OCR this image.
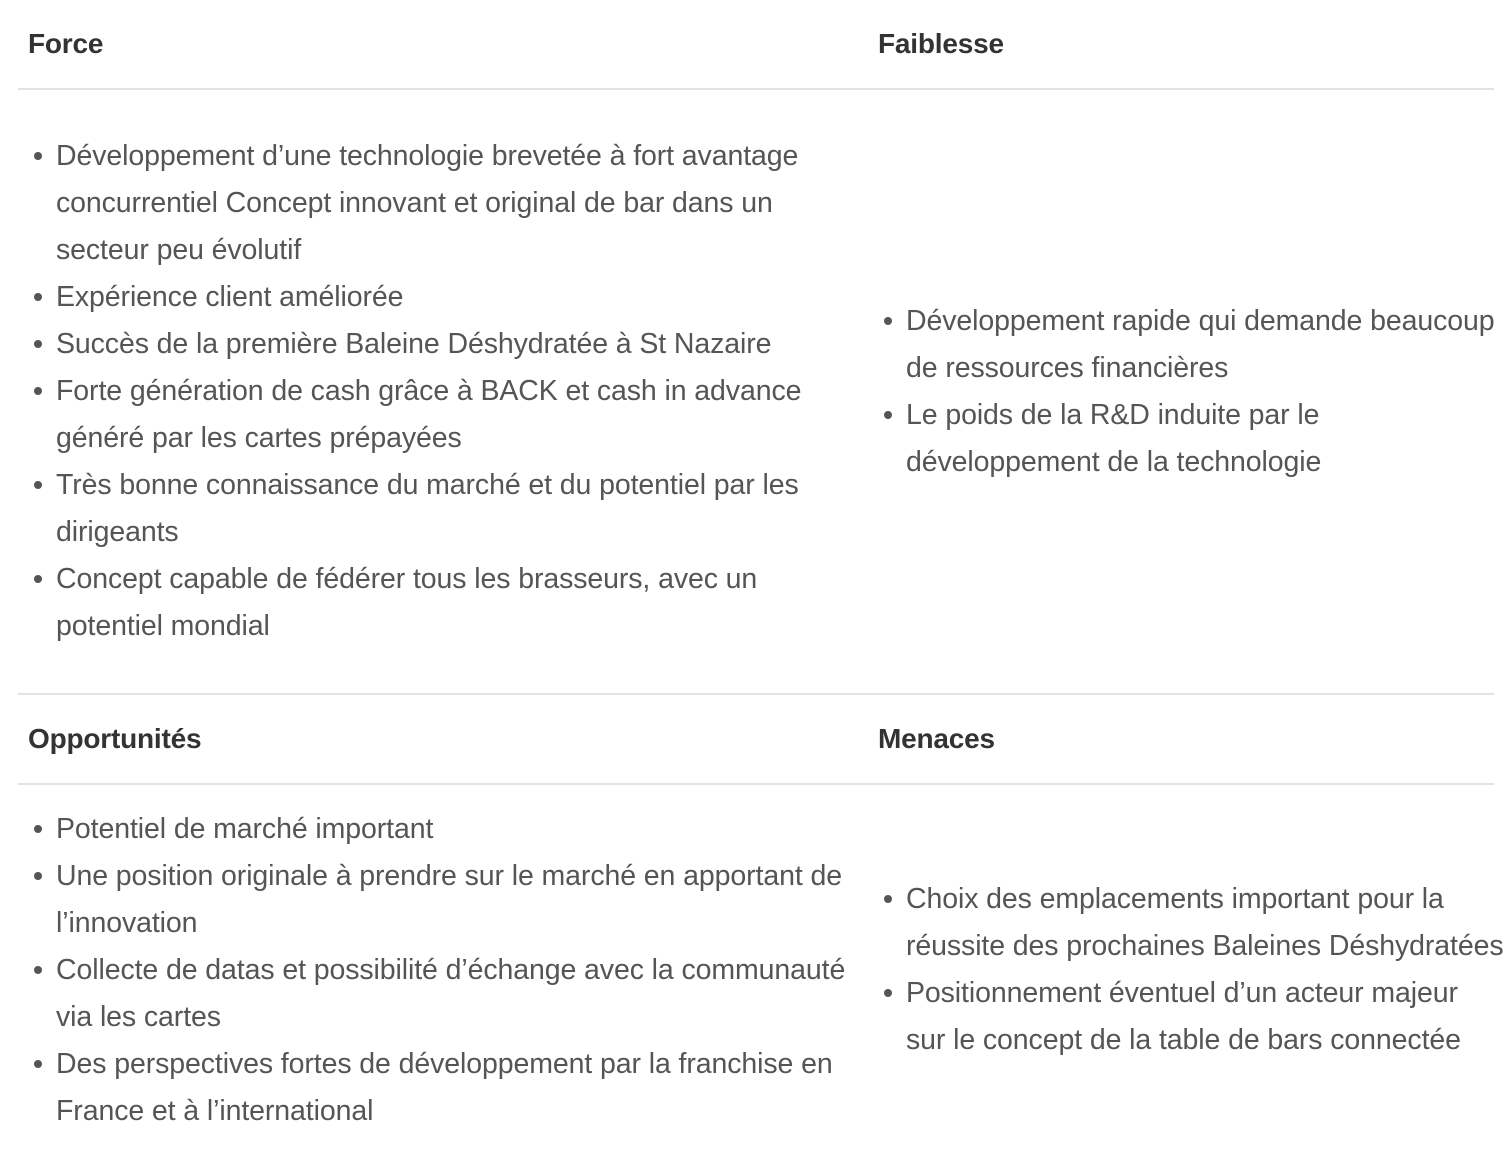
Force	Faiblesse
Développement d’une technologie brevetée à fort avantage concurrentiel Concept innovant et original de bar dans un secteur peu évolutif
Expérience client améliorée
Succès de la première Baleine Déshydratée à St Nazaire
Forte génération de cash grâce à BACK et cash in advance généré par les cartes prépayées
Très bonne connaissance du marché et du potentiel par les dirigeants
Concept capable de fédérer tous les brasseurs, avec un potentiel mondial
Développement rapide qui demande beaucoup de ressources financières
Le poids de la R&D induite par le développement de la technologie
Opportunités	Menaces
Potentiel de marché important
Une position originale à prendre sur le marché en apportant de l’innovation
Collecte de datas et possibilité d’échange avec la communauté via les cartes
Des perspectives fortes de développement par la franchise en France et à l’international
Choix des emplacements important pour la réussite des prochaines Baleines Déshydratées
Positionnement éventuel d’un acteur majeur sur le concept de la table de bars connectée
